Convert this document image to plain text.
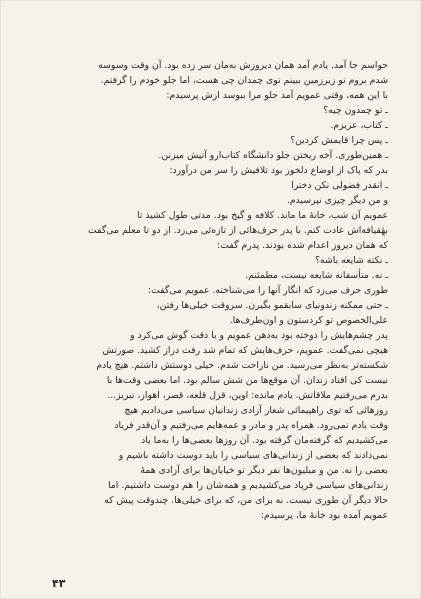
حواسم جا آمد. یادم آمد همان دیروزش به‌مان سر زده بود. آن وقت وسوسه
شدم بروم تو زیرزمین ببینم توی چمدان چی هست، اما جلو خودم را گرفتم.
با این همه، وقتی عمویم آمد جلو مرا ببوسد ازش پرسیدم:
ـ تو چمدون چیه؟
ـ کتاب، عزیزم.
ـ پس چرا قایمش کردین؟
ـ همین‌طوری. آخه ریختن جلو دانشگاه کتاب‌ارو آتیش میزنن.
بدر که پاک از اوضاع دلخور بود تلافیش را سر من درآورد:
ـ انقدر فضولی نکن دخترا
و من دیگر چیزی نپرسیدم.
عمویم آن شب، خانهٔ ما ماند. کلافه و گیج بود. مدتی طول کشید تا
بهٔقیافه‌اش عادت کنم. با پدر حرف‌هائی از تازه‌ئی می‌زد. از دو تا معلم می‌گفت
که همان دیروز اعدام شده بودند. پدرم گفت:
ـ نکته شایعه باشه؟
ـ نه. متأسفانه شایعه نیست، مطمئنم.
طوری حرف می‌زد که انگار آنها را می‌شناخته. عمویم می‌گفت:
ـ حتی ممکنه زندونیای سابقمو بگیرن. سروقت خیلی‌ها رفتن،
علی‌الخصوص تو کردستون و اون‌طرف‌ها.
پدر چشم‌هایش را دوخته بود به‌دهن عمویم و با دقت گوش می‌کرد و
هیچی نمی‌گفت. عمویم، حرف‌هایش که تمام شد رفت دراز کشید. صورتش
شکسته‌تر به‌نظر می‌رسید. من ناراحت شدم. خیلی دوستش داشتم. هیچ یادم
نیست کی افتاد زندان. آن موقع‌ها من شش سالم بود. اما بعضی وقت‌ها با
بدرم می‌رفتیم ملاقاتش. یادم مانده: اوین، قزل قلعه، قصر، اهواز، تبریز...
روزهائی که توی راهپیمائی شعار آزادی زندانیان سیاسی می‌دادیم هیچ
وقت یادم نمی‌رود. همراه پدر و مادر و عمه‌هایم می‌رفتیم و آن‌قدر فریاد
می‌کشیدیم که گرفته‌مان گرفته بود. آن روزها بعضی‌ها را به‌ما یاد
نمی‌دادند که بعضی از زندانی‌های سیاسی را باید دوست داشته باشیم و
بعضی را نه. من و میلیون‌ها نفر دیگر تو خیابان‌ها برای آزادی همهٔ
زندانی‌های سیاسی فریاد می‌کشیدیم و همه‌شان را هم دوست داشتیم. اما
حالا دیگر آن طوری نیست. نه برای من، که برای خیلی‌ها. چندوقت پیش که
عمویم آمده بود خانهٔ ما، پرسیدم:
۴۳
